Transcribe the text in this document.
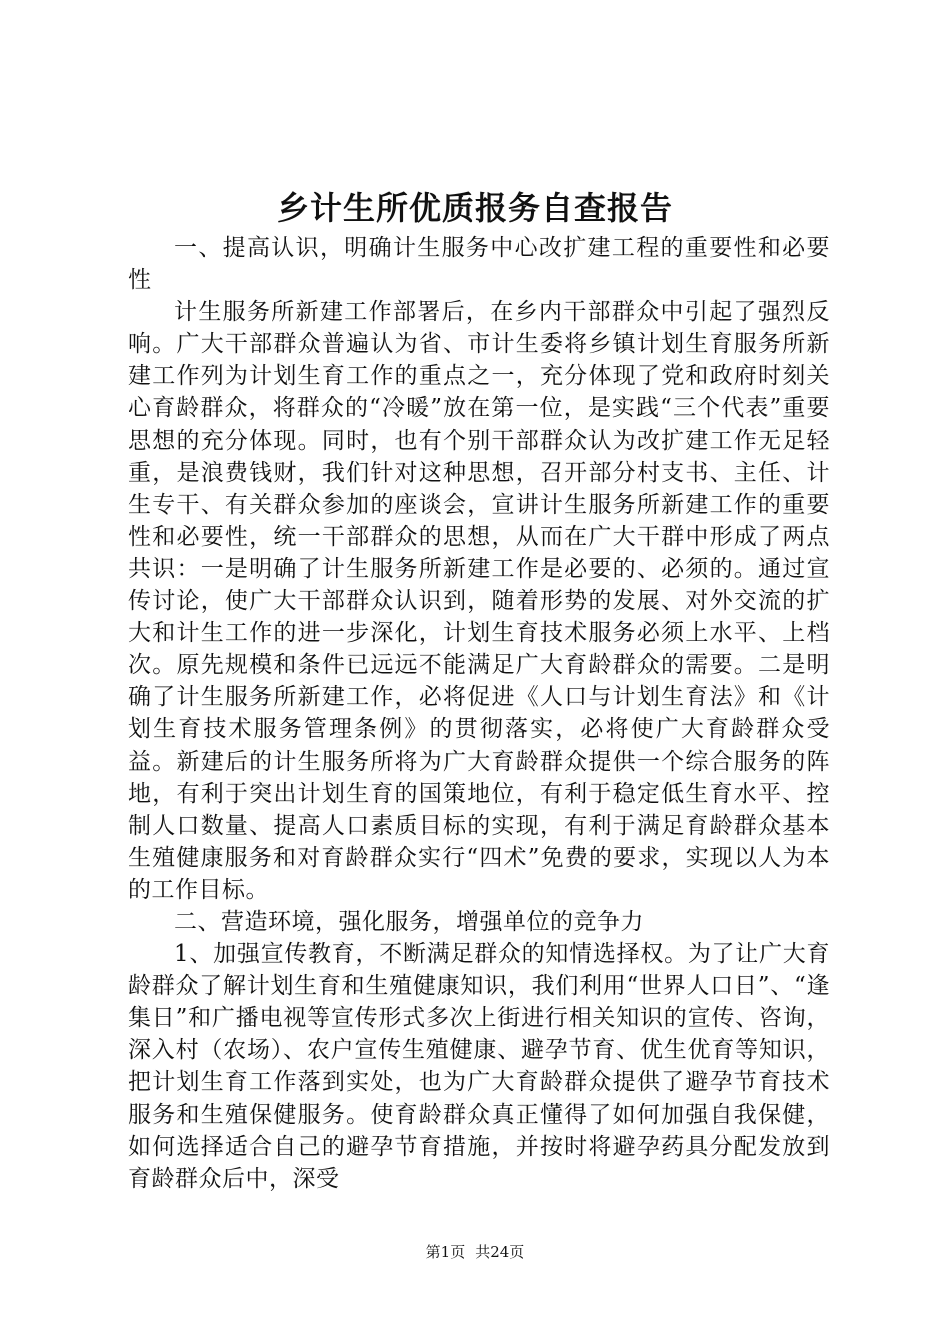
乡计生所优质报务自查报告

一、提高认识，明确计生服务中心改扩建工程的重要性和必要性

计生服务所新建工作部署后，在乡内干部群众中引起了强烈反响。广大干部群众普遍认为省、市计生委将乡镇计划生育服务所新建工作列为计划生育工作的重点之一，充分体现了党和政府时刻关心育龄群众，将群众的“冷暖”放在第一位，是实践“三个代表”重要思想的充分体现。同时，也有个别干部群众认为改扩建工作无足轻重，是浪费钱财，我们针对这种思想，召开部分村支书、主任、计生专干、有关群众参加的座谈会，宣讲计生服务所新建工作的重要性和必要性，统一干部群众的思想，从而在广大干群中形成了两点共识：一是明确了计生服务所新建工作是必要的、必须的。通过宣传讨论，使广大干部群众认识到，随着形势的发展、对外交流的扩大和计生工作的进一步深化，计划生育技术服务必须上水平、上档次。原先规模和条件已远远不能满足广大育龄群众的需要。二是明确了计生服务所新建工作，必将促进《人口与计划生育法》和《计划生育技术服务管理条例》的贯彻落实，必将使广大育龄群众受益。新建后的计生服务所将为广大育龄群众提供一个综合服务的阵地，有利于突出计划生育的国策地位，有利于稳定低生育水平、控制人口数量、提高人口素质目标的实现，有利于满足育龄群众基本生殖健康服务和对育龄群众实行“四术”免费的要求，实现以人为本的工作目标。

二、营造环境，强化服务，增强单位的竞争力

1、加强宣传教育，不断满足群众的知情选择权。为了让广大育龄群众了解计划生育和生殖健康知识，我们利用“世界人口日”、“逢集日”和广播电视等宣传形式多次上街进行相关知识的宣传、咨询，深入村（农场）、农户宣传生殖健康、避孕节育、优生优育等知识，把计划生育工作落到实处，也为广大育龄群众提供了避孕节育技术服务和生殖保健服务。使育龄群众真正懂得了如何加强自我保健，如何选择适合自己的避孕节育措施，并按时将避孕药具分配发放到育龄群众后中，深受

第1页 共24页
